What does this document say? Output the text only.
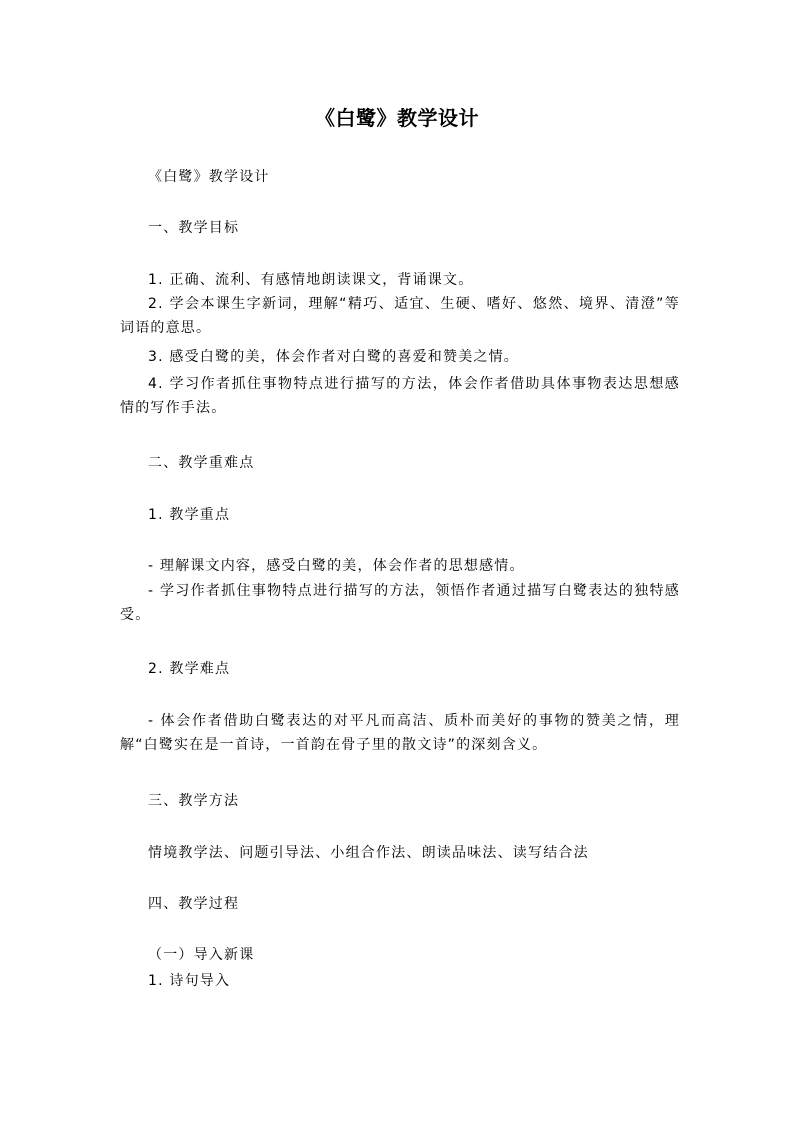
《白鹭》教学设计
《白鹭》教学设计
一、教学目标
1. 正确、流利、有感情地朗读课文，背诵课文。
2. 学会本课生字新词，理解“精巧、适宜、生硬、嗜好、悠然、境界、清澄”等词语的意思。
3. 感受白鹭的美，体会作者对白鹭的喜爱和赞美之情。
4. 学习作者抓住事物特点进行描写的方法，体会作者借助具体事物表达思想感情的写作手法。
二、教学重难点
1. 教学重点
- 理解课文内容，感受白鹭的美，体会作者的思想感情。
- 学习作者抓住事物特点进行描写的方法，领悟作者通过描写白鹭表达的独特感受。
2. 教学难点
- 体会作者借助白鹭表达的对平凡而高洁、质朴而美好的事物的赞美之情，理解“白鹭实在是一首诗，一首韵在骨子里的散文诗”的深刻含义。
三、教学方法
情境教学法、问题引导法、小组合作法、朗读品味法、读写结合法
四、教学过程
（一）导入新课
1. 诗句导入
